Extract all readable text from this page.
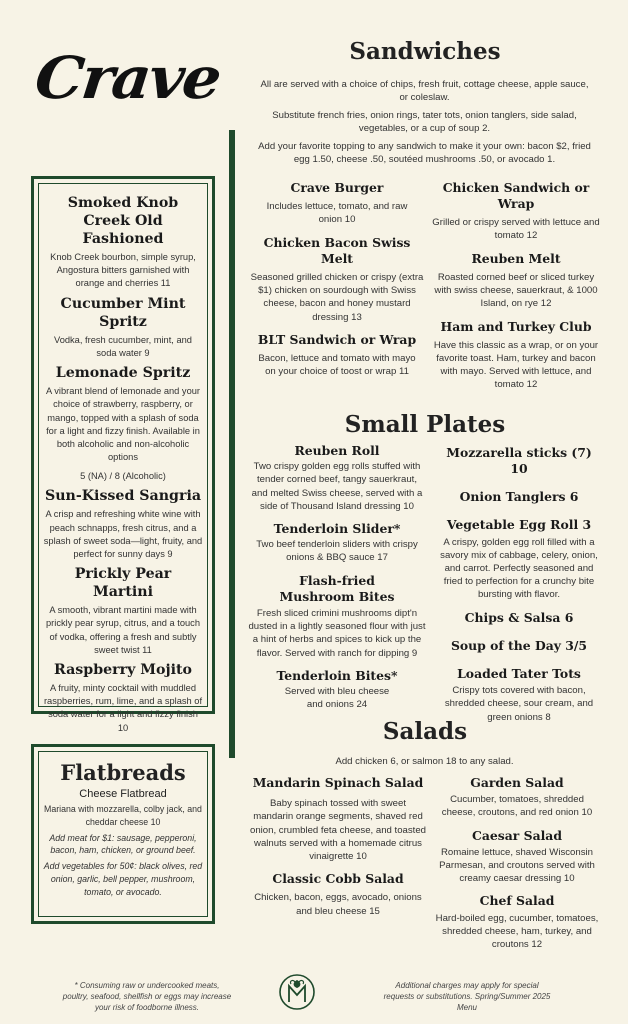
Crave
Smoked Knob Creek Old Fashioned
Knob Creek bourbon, simple syrup, Angostura bitters garnished with orange and cherries 11
Cucumber Mint Spritz
Vodka, fresh cucumber, mint, and soda water 9
Lemonade Spritz
A vibrant blend of lemonade and your choice of strawberry, raspberry, or mango, topped with a splash of soda for a light and fizzy finish. Available in both alcoholic and non-alcoholic options
5 (NA) / 8 (Alcoholic)
Sun-Kissed Sangria
A crisp and refreshing white wine with peach schnapps, fresh citrus, and a splash of sweet soda—light, fruity, and perfect for sunny days 9
Prickly Pear Martini
A smooth, vibrant martini made with prickly pear syrup, citrus, and a touch of vodka, offering a fresh and subtly sweet twist 11
Raspberry Mojito
A fruity, minty cocktail with muddled raspberries, rum, lime, and a splash of soda water for a light and fizzy finish 10
Flatbreads
Cheese Flatbread
Mariana with mozzarella, colby jack, and cheddar cheese 10
Add meat for $1: sausage, pepperoni, bacon, ham, chicken, or ground beef.
Add vegetables for 50¢: black olives, red onion, garlic, bell pepper, mushroom, tomato, or avocado.
Sandwiches
All are served with a choice of chips, fresh fruit, cottage cheese, apple sauce, or coleslaw.
Substitute french fries, onion rings, tater tots, onion tanglers, side salad, vegetables, or a cup of soup 2.
Add your favorite topping to any sandwich to make it your own: bacon $2, fried egg 1.50, cheese .50, soutéed mushrooms .50, or avocado 1.
Crave Burger
Includes lettuce, tomato, and raw onion 10
Chicken Bacon Swiss Melt
Seasoned grilled chicken or crispy (extra $1) chicken on sourdough with Swiss cheese, bacon and honey mustard dressing 13
BLT Sandwich or Wrap
Bacon, lettuce and tomato with mayo on your choice of toost or wrap 11
Chicken Sandwich or Wrap
Grilled or crispy served with lettuce and tomato 12
Reuben Melt
Roasted corned beef or sliced turkey with swiss cheese, sauerkraut, & 1000 Island, on rye 12
Ham and Turkey Club
Have this classic as a wrap, or on your favorite toast. Ham, turkey and bacon with mayo. Served with lettuce, and tomato 12
Small Plates
Reuben Roll
Two crispy golden egg rolls stuffed with tender corned beef, tangy sauerkraut, and melted Swiss cheese, served with a side of Thousand Island dressing 10
Tenderloin Slider*
Two beef tenderloin sliders with crispy onions & BBQ sauce 17
Flash-fried Mushroom Bites
Fresh sliced crimini mushrooms dipt'n dusted in a lightly seasoned flour with just a hint of herbs and spices to kick up the flavor. Served with ranch for dipping 9
Tenderloin Bites*
Served with bleu cheese and onions 24
Mozzarella sticks (7) 10
Onion Tanglers 6
Vegetable Egg Roll 3
A crispy, golden egg roll filled with a savory mix of cabbage, celery, onion, and carrot. Perfectly seasoned and fried to perfection for a crunchy bite bursting with flavor.
Chips & Salsa 6
Soup of the Day 3/5
Loaded Tater Tots
Crispy tots covered with bacon, shredded cheese, sour cream, and green onions 8
Salads
Add chicken 6, or salmon 18 to any salad.
Mandarin Spinach Salad
Baby spinach tossed with sweet mandarin orange segments, shaved red onion, crumbled feta cheese, and toasted walnuts served with a homemade citrus vinaigrette 10
Classic Cobb Salad
Chicken, bacon, eggs, avocado, onions and bleu cheese 15
Garden Salad
Cucumber, tomatoes, shredded cheese, croutons, and red onion 10
Caesar Salad
Romaine lettuce, shaved Wisconsin Parmesan, and croutons served with creamy caesar dressing 10
Chef Salad
Hard-boiled egg, cucumber, tomatoes, shredded cheese, ham, turkey, and croutons 12
* Consuming raw or undercooked meats, poultry, seafood, shellfish or eggs may increase your risk of foodborne illness.
Additional charges may apply for special requests or substitutions. Spring/Summer 2025 Menu
